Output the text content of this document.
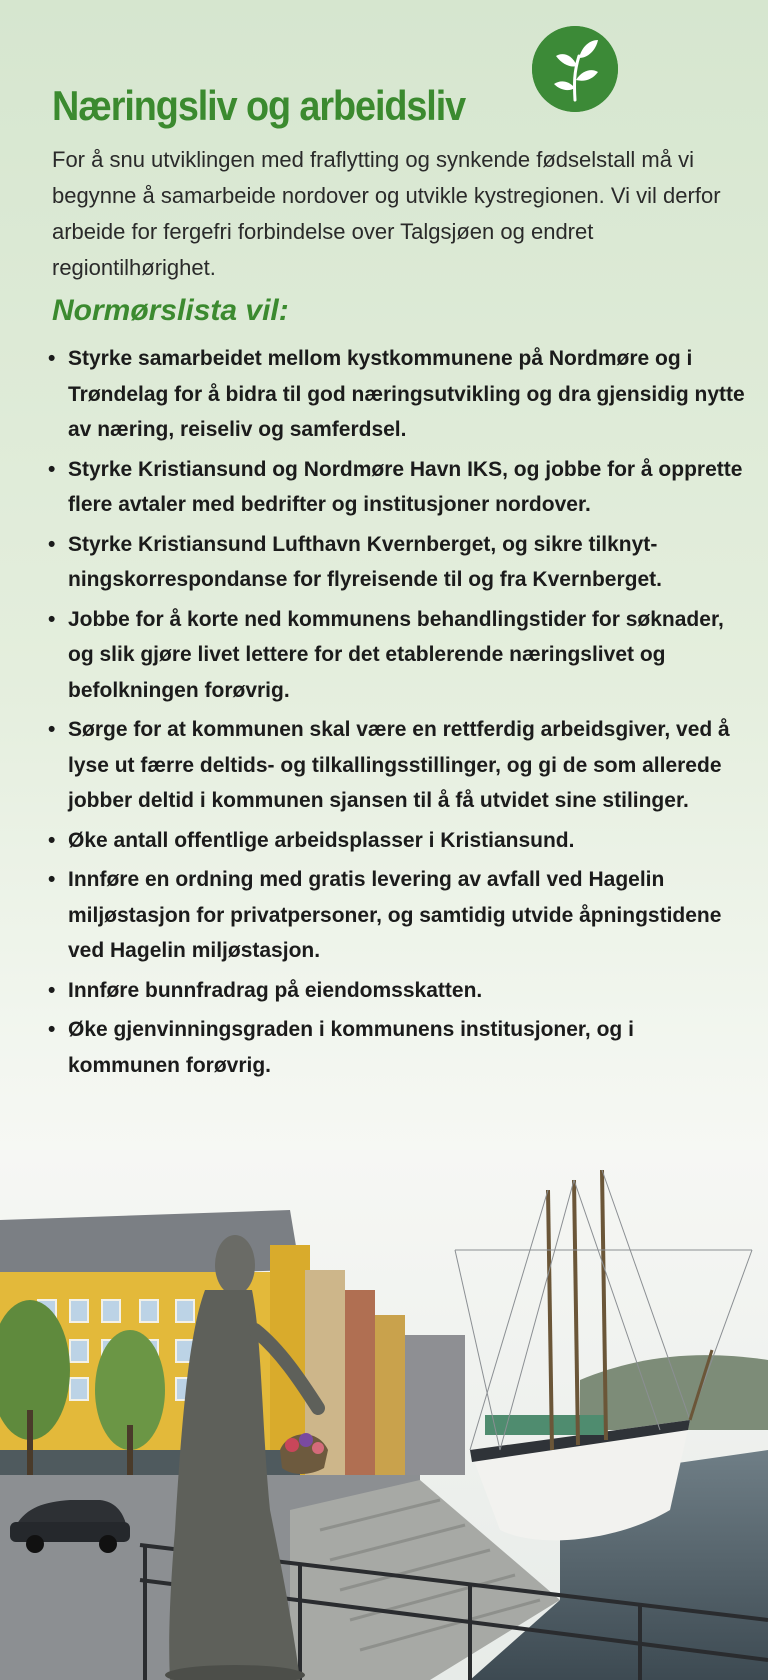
Næringsliv og arbeidsliv

For å snu utviklingen med fraflytting og synkende fødselstall må vi begynne å samarbeide nordover og utvikle kystregionen. Vi vil derfor arbeide for fergefri forbindelse over Talgsjøen og endret regiontilhørighet.

Normørslista vil:
• Styrke samarbeidet mellom kystkommunene på Nordmøre og i Trøndelag for å bidra til god næringsutvikling og dra gjensidig nytte av næring, reiseliv og samferdsel.
• Styrke Kristiansund og Nordmøre Havn IKS, og jobbe for å opprette flere avtaler med bedrifter og institusjoner nordover.
• Styrke Kristiansund Lufthavn Kvernberget, og sikre tilknytningskorrespondanse for flyreisende til og fra Kvernberget.
• Jobbe for å korte ned kommunens behandlingstider for søknader, og slik gjøre livet lettere for det etablerende næringslivet og befolkningen forøvrig.
• Sørge for at kommunen skal være en rettferdig arbeidsgiver, ved å lyse ut færre deltids- og tilkallingsstillinger, og gi de som allerede jobber deltid i kommunen sjansen til å få utvidet sine stilinger.
• Øke antall offentlige arbeidsplasser i Kristiansund.
• Innføre en ordning med gratis levering av avfall ved Hagelin miljøstasjon for privatpersoner, og samtidig utvide åpningstidene ved Hagelin miljøstasjon.
• Innføre bunnfradrag på eiendomsskatten.
• Øke gjenvinningsgraden i kommunens institusjoner, og i kommunen forøvrig.
